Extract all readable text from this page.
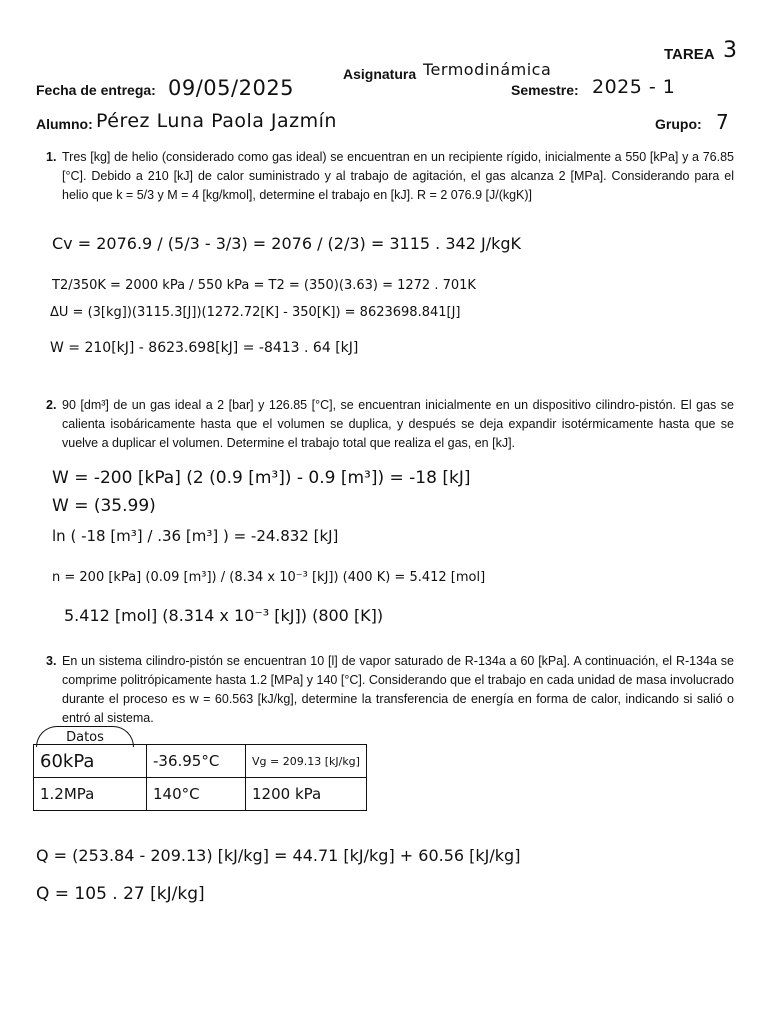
TAREA 3
Asignatura Termodinámica
Fecha de entrega: 09/05/2025	Semestre: 2025 - 1
Alumno: Pérez Luna Paola Jazmín	Grupo: 7
1. Tres [kg] de helio (considerado como gas ideal) se encuentran en un recipiente rígido, inicialmente a 550 [kPa] y a 76.85 [°C]. Debido a 210 [kJ] de calor suministrado y al trabajo de agitación, el gas alcanza 2 [MPa]. Considerando para el helio que k = 5/3 y M = 4 [kg/kmol], determine el trabajo en [kJ]. R = 2 076.9 [J/(kgK)]
Cv = 2076.9 / (5/3 - 3/3) = 2076 / (2/3) = 3115 . 342 J/kgK
T2/350K = 2000 kPa / 550 kPa = T2 = (350)(3.63) = 1272 . 701K
ΔU = (3[kg])(3115.3[J])(1272.72[K] - 350[K]) = 8623698.841[J]
W = 210[kJ] - 8623.698[kJ] = -8413 . 64 [kJ]
2. 90 [dm³] de un gas ideal a 2 [bar] y 126.85 [°C], se encuentran inicialmente en un dispositivo cilindro-pistón. El gas se calienta isobáricamente hasta que el volumen se duplica, y después se deja expandir isotérmicamente hasta que se vuelve a duplicar el volumen. Determine el trabajo total que realiza el gas, en [kJ].
W = -200 [kPa] (2 (0.9 [m³]) - 0.9 [m³]) = -18 [kJ]
W = (35.99)
ln ( -18 [m³] / .36 [m³] ) = -24.832 [kJ]
n = 200 [kPa] (0.09 [m³]) / (8.34 x 10⁻³ [kJ]) (400 K) = 5.412 [mol]
5.412 [mol] (8.314 x 10⁻³ [kJ]) (800 [K])
3. En un sistema cilindro-pistón se encuentran 10 [l] de vapor saturado de R-134a a 60 [kPa]. A continuación, el R-134a se comprime politrópicamente hasta 1.2 [MPa] y 140 [°C]. Considerando que el trabajo en cada unidad de masa involucrado durante el proceso es w = 60.563 [kJ/kg], determine la transferencia de energía en forma de calor, indicando si salió o entró al sistema.
Datos
60kPa	-36.95°C	Vg = 209.13 [kJ/kg]
1.2MPa	140°C	1200 kPa
Q = (253.84 - 209.13) [kJ/kg] = 44.71 [kJ/kg] + 60.56 [kJ/kg]
Q = 105 . 27 [kJ/kg]
